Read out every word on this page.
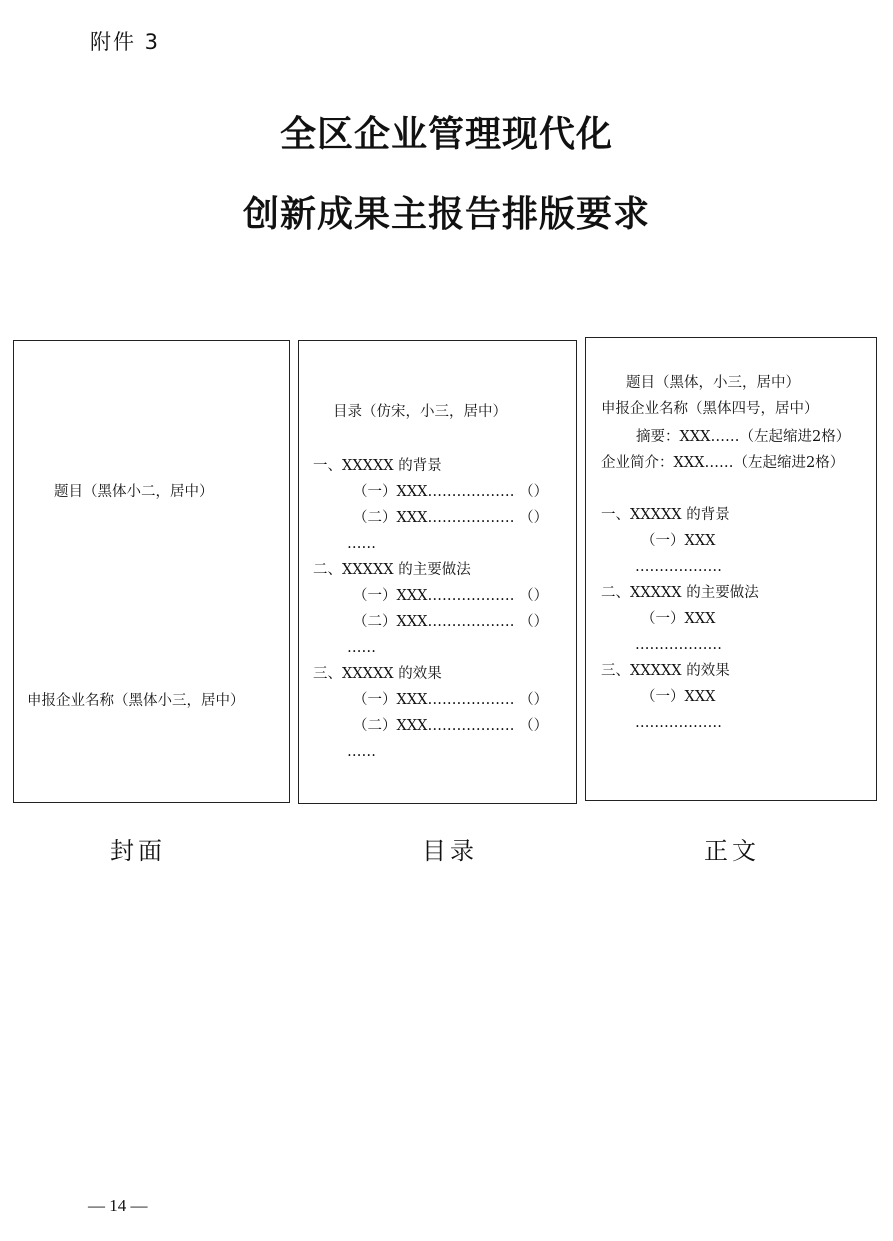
附件 3
全区企业管理现代化
创新成果主报告排版要求
题目（黑体小二，居中）
申报企业名称（黑体小三，居中）
目录（仿宋，小三，居中）
一、XXXXX 的背景
（一）XXX……………… （）
（二）XXX……………… （）
……
二、XXXXX 的主要做法
（一）XXX……………… （）
（二）XXX……………… （）
……
三、XXXXX 的效果
（一）XXX……………… （）
（二）XXX……………… （）
……
题目（黑体，小三，居中）
申报企业名称（黑体四号，居中）
摘要：XXX……（左起缩进2格）
企业简介：XXX……（左起缩进2格）
一、XXXXX 的背景
（一）XXX
………………
二、XXXXX 的主要做法
（一）XXX
………………
三、XXXXX 的效果
（一）XXX
………………
封面	目录	正文
— 14 —
